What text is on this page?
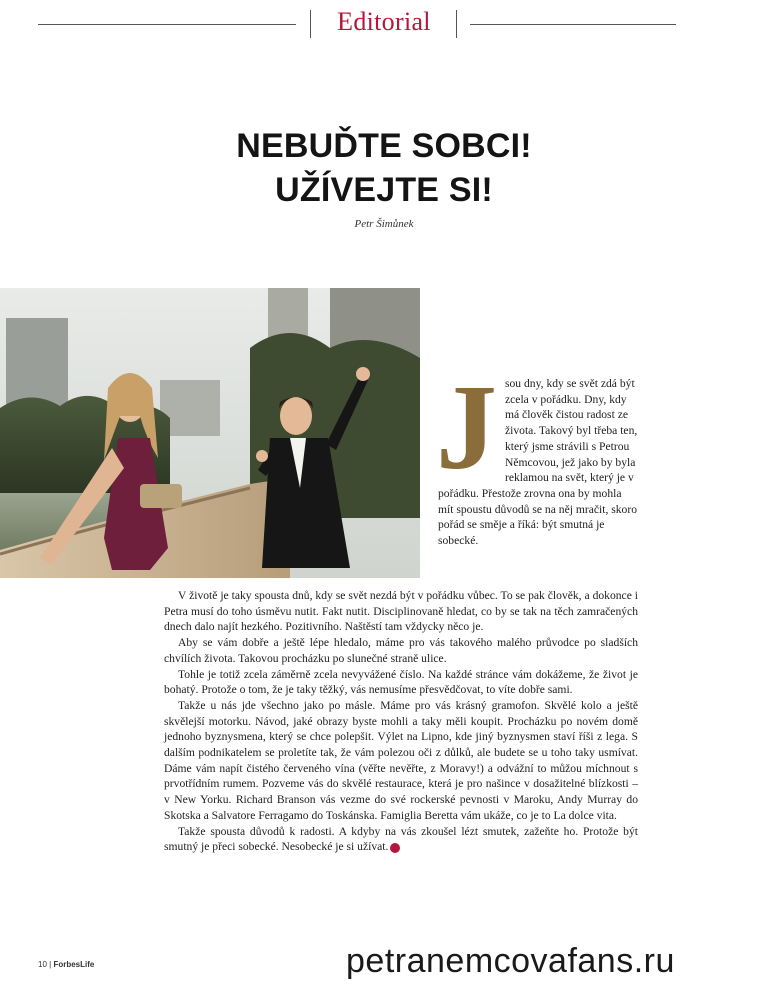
Editorial
NEBUĎTE SOBCI!
UŽÍVEJTE SI!
Petr Šimůnek
J sou dny, kdy se svět zdá být zcela v pořádku. Dny, kdy má člověk čistou radost ze života. Takový byl třeba ten, který jsme strávili s Petrou Němcovou, jež jako by byla reklamou na svět, který je v pořádku. Přestože zrovna ona by mohla mít spoustu důvodů se na něj mračit, skoro pořád se směje a říká: být smutná je sobecké.

V životě je taky spousta dnů, kdy se svět nezdá být v pořádku vůbec. To se pak člověk, a dokonce i Petra musí do toho úsměvu nutit. Fakt nutit. Disciplinovaně hledat, co by se tak na těch zamračených dnech dalo najít hezkého. Pozitivního. Naštěstí tam vždycky něco je.

Aby se vám dobře a ještě lépe hledalo, máme pro vás takového malého průvodce po sladších chvílích života. Takovou procházku po slunečné straně ulice.

Tohle je totiž zcela záměrně zcela nevyvážené číslo. Na každé stránce vám dokážeme, že život je bohatý. Protože o tom, že je taky těžký, vás nemusíme přesvědčovat, to víte dobře sami.

Takže u nás jde všechno jako po másle. Máme pro vás krásný gramofon. Skvělé kolo a ještě skvělejší motorku. Návod, jaké obrazy byste mohli a taky měli koupit. Procházku po novém domě jednoho byznysmena, který se chce polepšit. Výlet na Lipno, kde jiný byznysmen staví říši z lega. S dalším podnikatelem se proletíte tak, že vám polezou oči z důlků, ale budete se u toho taky usmívat. Dáme vám napít čistého červeného vína (věřte nevěřte, z Moravy!) a odvážní to můžou míchnout s prvotřídním rumem. Pozveme vás do skvělé restaurace, která je pro našince v dosažitelné blízkosti – v New Yorku. Richard Branson vás vezme do své rockerské pevnosti v Maroku, Andy Murray do Skotska a Salvatore Ferragamo do Toskánska. Famiglia Beretta vám ukáže, co je to La dolce vita.

Takže spousta důvodů k radosti. A kdyby na vás zkoušel lézt smutek, zažeňte ho. Protože být smutný je přeci sobecké. Nesobecké je si užívat.	FL

10 | ForbesLife	petranemcovafans.ru
